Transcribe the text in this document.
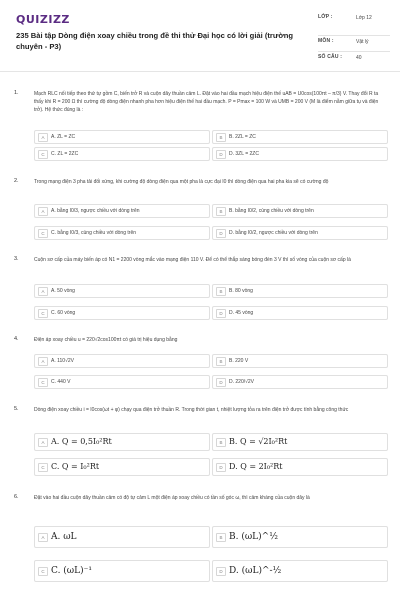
QUIZIZZ
235 Bài tập Dòng điện xoay chiều trong đề thi thử Đại học có lời giải (trường chuyên - P3)
LỚP :	Lớp 12
MÔN :	Vật lý
SỐ CÂU :	40
1.	Mạch RLC nối tiếp theo thứ tự gồm C, biến trở R và cuộn dây thuần cảm L. Đặt vào hai đầu mạch hiệu điện thế uAB = U0cos(100πt – π/3) V. Thay đổi R ta thấy khi R = 200 Ω thì cường độ dòng điện nhanh pha hơn hiệu điện thế hai đầu mạch. P = Pmax = 100 W và UMB = 200 V (M là điểm nằm giữa tụ và điện trở). Hệ thức đúng là :
A	A. ZL = ZC	B	B. 2ZL = ZC
C	C. ZL = 2ZC	D	D. 3ZL = 2ZC
2.	Trong mạng điện 3 pha tải đối xứng, khi cường độ dòng điện qua một pha là cực đại I0 thì dòng điện qua hai pha kia sẽ có cường độ
A	A. bằng I0/3, ngược chiều với dòng trên	B	B. bằng I0/2, cùng chiều với dòng trên
C	C. bằng I0/3, cùng chiều với dòng trên	D	D. bằng I0/2, ngược chiều với dòng trên
3.	Cuộn sơ cấp của máy biến áp có N1 = 2200 vòng mắc vào mạng điện 110 V. Để có thể thắp sáng bóng đèn 3 V thì số vòng của cuộn sơ cấp là
A	A. 50 vòng	B	B. 80 vòng
C	C. 60 vòng	D	D. 45 vòng
4.	Điện áp xoay chiều u = 220√2cos100πt có giá trị hiệu dụng bằng
A	A. 110√2V	B	B. 220 V
C	C. 440 V	D	D. 220/√2V
5.	Dòng điện xoay chiều i = I0cos(ωt + φ) chạy qua điện trở thuần R. Trong thời gian t, nhiệt lượng tỏa ra trên điện trở được tính bằng công thức
A A. Q = 0,5I₀²Rt	B B. Q = √2I₀²Rt
C C. Q = I₀²Rt	D D. Q = 2I₀²Rt
6.	Đặt vào hai đầu cuộn dây thuần cảm có độ tự cảm L một điện áp xoay chiều có tần số góc ω, thì cảm kháng của cuộn dây là
A A. ωL	B B. (ωL)^½
C C. (ωL)⁻¹	D D. (ωL)^-½
